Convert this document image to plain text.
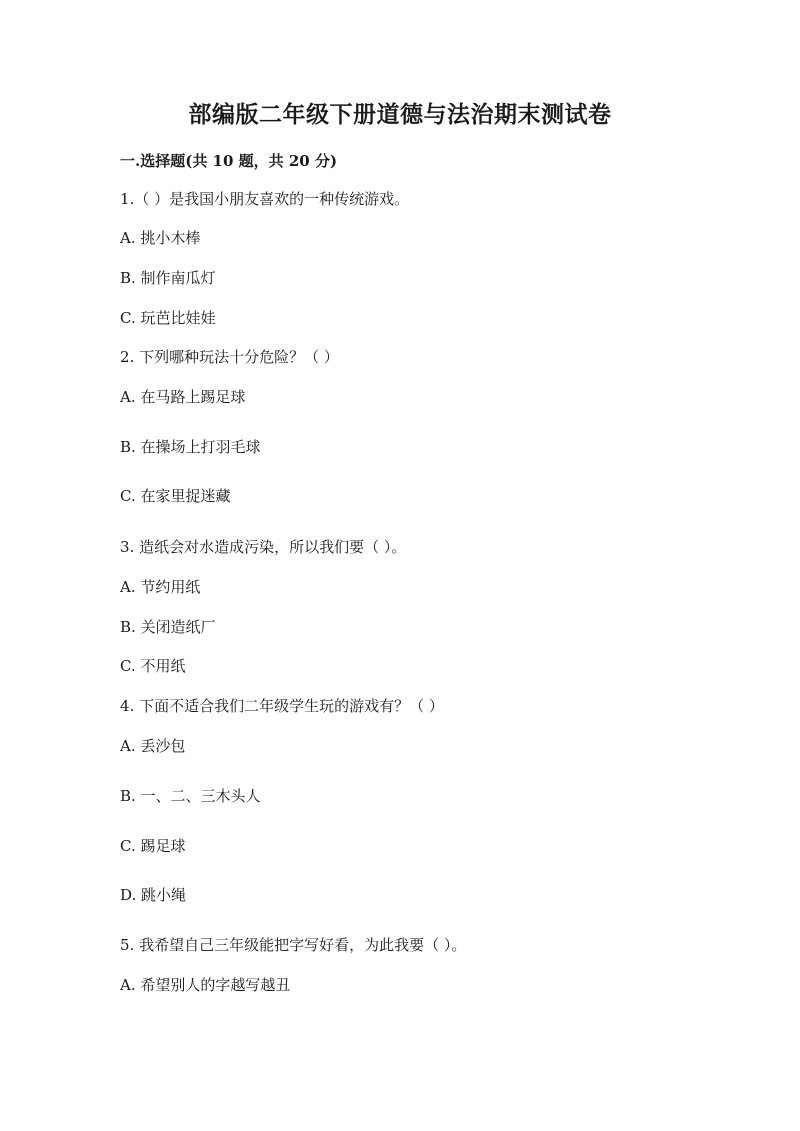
部编版二年级下册道德与法治期末测试卷
一.选择题(共 10 题，共 20 分)
1.（ ）是我国小朋友喜欢的一种传统游戏。
A. 挑小木棒
B. 制作南瓜灯
C. 玩芭比娃娃
2. 下列哪种玩法十分危险？（ ）
A. 在马路上踢足球
B. 在操场上打羽毛球
C. 在家里捉迷藏
3. 造纸会对水造成污染，所以我们要（ ）。
A. 节约用纸
B. 关闭造纸厂
C. 不用纸
4. 下面不适合我们二年级学生玩的游戏有？（ ）
A. 丢沙包
B. 一、二、三木头人
C. 踢足球
D. 跳小绳
5. 我希望自己三年级能把字写好看，为此我要（ ）。
A. 希望别人的字越写越丑
